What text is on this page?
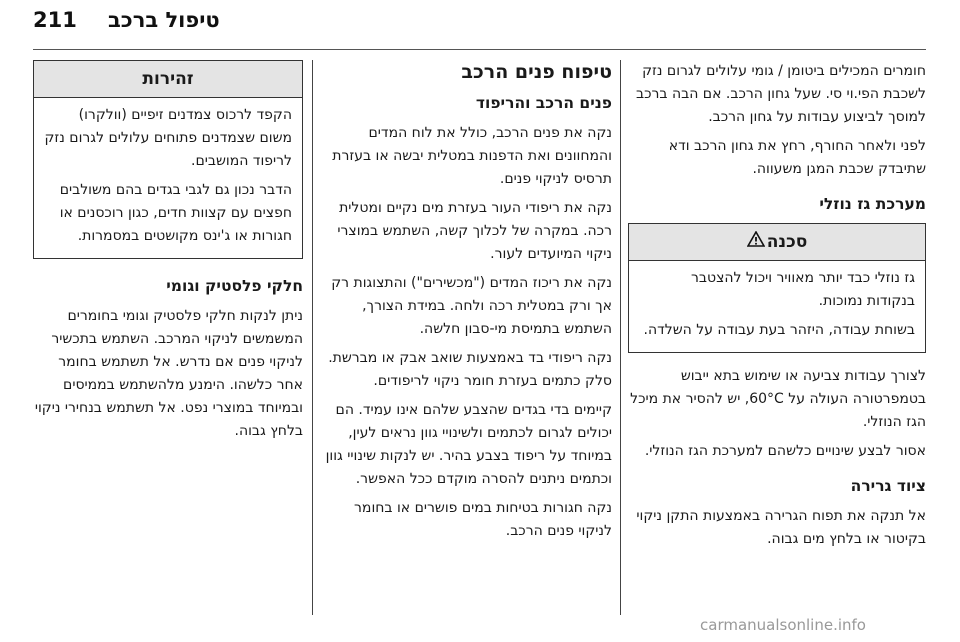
211 טיפול ברכב

חומרים המכילים ביטומן / גומי עלולים לגרום נזק לשכבת הפי.וי סי. שעל גחון הרכב. אם הבה ברכב למוסך לביצוע עבודות על גחון הרכב.

לפני ולאחר החורף, רחץ את גחון הרכב ודא שתיבדק שכבת המגן משעווה.

מערכת גז נוזלי
סכנה

גז נוזלי כבד יותר מאוויר ויכול להצטבר בנקודות נמוכות.

בשוחת עבודה, היזהר בעת עבודה על השלדה.

לצורך עבודות צביעה או שימוש בתא ייבוש בטמפרטורה העולה על 60°C, יש להסיר את מיכל הגז הנוזלי.

אסור לבצע שינויים כלשהם למערכת הגז הנוזלי.

ציוד גרירה

אל תנקה את תפוח הגרירה באמצעות התקן ניקוי בקיטור או בלחץ מים גבוה.

טיפוח פנים הרכב
פנים הרכב והריפוד

נקה את פנים הרכב, כולל את לוח המדים והמחוונים ואת הדפנות במטלית יבשה או בעזרת תרסיס לניקוי פנים.

נקה את ריפודי העור בעזרת מים נקיים ומטלית רכה. במקרה של לכלוך קשה, השתמש במוצרי ניקוי המיועדים לעור.

נקה את ריכוז המדים ("מכשירים") והתצוגות רק אך ורק במטלית רכה ולחה. במידת הצורך, השתמש בתמיסת מי-סבון חלשה.

נקה ריפודי בד באמצעות שואב אבק או מברשת. סלק כתמים בעזרת חומר ניקוי לריפודים.

קיימים בדי בגדים שהצבע שלהם אינו עמיד. הם יכולים לגרום לכתמים ולשינויי גוון נראים לעין, במיוחד על ריפוד בצבע בהיר. יש לנקות שינויי גוון וכתמים ניתנים להסרה מוקדם ככל האפשר.

נקה חגורות בטיחות במים פושרים או בחומר לניקוי פנים הרכב.

זהירות

הקפד לרכוס צמדנים זיפיים (וולקרו) משום שצמדנים פתוחים עלולים לגרום נזק לריפוד המושבים.

הדבר נכון גם לגבי בגדים בהם משולבים חפצים עם קצוות חדים, כגון רוכסנים או חגורות או ג'ינס מקושטים במסמרות.

חלקי פלסטיק וגומי

ניתן לנקות חלקי פלסטיק וגומי בחומרים המשמשים לניקוי המרכב. השתמש בתכשיר לניקוי פנים אם נדרש. אל תשתמש בחומר אחר כלשהו. הימנע מלהשתמש בממיסים ובמיוחד במוצרי נפט. אל תשתמש בנחירי ניקוי בלחץ גבוה.

carmanualsonline.info
